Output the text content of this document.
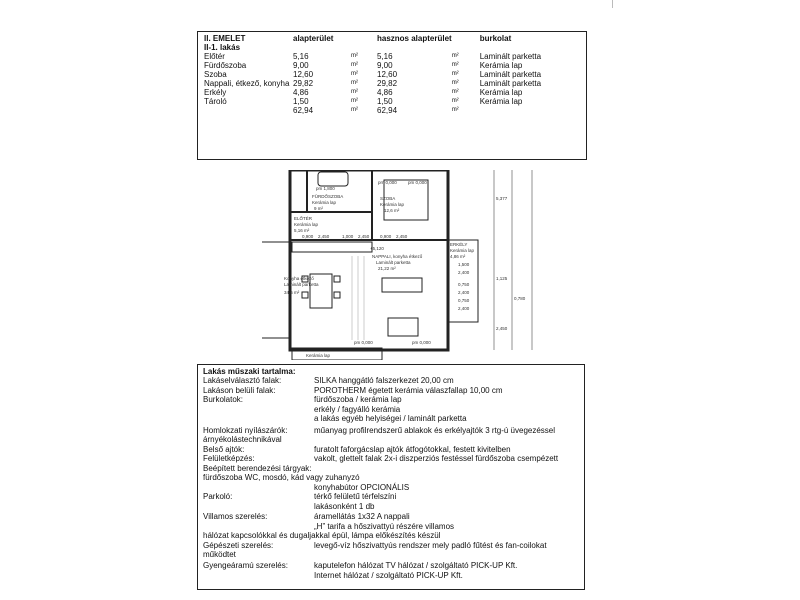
II. EMELET	alapterület		hasznos alapterület		burkolat
II-1. lakás					
Előtér	5,16	m²	5,16	m²	Laminált parketta
Fürdőszoba	9,00	m²	9,00	m²	Kerámia lap
Szoba	12,60	m²	12,60	m²	Laminált parketta
Nappali, étkező, konyha	29,82	m²	29,82	m²	Laminált parketta
Erkély	4,86	m²	4,86	m²	Kerámia lap
Tároló	1,50	m²	1,50	m²	Kerámia lap
	62,94	m²	62,94	m²	
pm 1,800
FÜRDŐSZOBA
Kerámia lap
9 m²
pm 0,000 pm 0,000
SZOBA
Kerámia lap
12,6 m²
ELŐTÉR
Kerámia lap
5,16 m²
0,900 2,450	1,000 2,450 0,900 2,450
+5,120
NAPPALI, konyha étkező
Laminált parketta
21,22 m²
Konyha étkező
Laminált parketta
34,6 m²
ERKÉLY
Kerámia lap
4,86 m²
1,500
2,400
0,750
2,400
0,750
2,400
5,377
1,125
0,780
2,450
pm 0,000	pm 0,000
Kerámia lap
Lakás műszaki tartalma:
Lakáselválasztó falak:	SILKA hanggátló falszerkezet 20,00 cm
Lakáson belüli falak:	POROTHERM égetett kerámia válaszfallap 10,00 cm
Burkolatok:	fürdőszoba / kerámia lap
erkély / fagyálló kerámia
a lakás egyéb helyiségei / laminált parketta
Homlokzati nyílászárók:	műanyag profilrendszerű ablakok és erkélyajtók 3 rtg-ú üvegezéssel
árnyékolástechnikával
Belső ajtók:	furatolt faforgácslap ajtók átfogótokkal, festett kivitelben
Felületképzés:	vakolt, glettelt falak 2x-i diszperziós festéssel fürdőszoba csempézett
Beépített berendezési tárgyak:
fürdőszoba WC, mosdó, kád vagy zuhanyzó
konyhabútor OPCIONÁLIS
Parkoló:	térkő felületű térfelszíni
lakásonként 1 db
Villamos szerelés:	áramellátás 1x32 A nappali
„H” tarifa a hőszivattyú részére villamos
hálózat kapcsolókkal és dugaljakkal épül, lámpa előkészítés készül
Gépészeti szerelés:	levegő-víz hőszivattyús rendszer mely padló fűtést és fan-coilokat
működtet
Gyengeáramú szerelés:	kaputelefon hálózat TV hálózat / szolgáltató PICK-UP Kft.
Internet hálózat / szolgáltató PICK-UP Kft.
